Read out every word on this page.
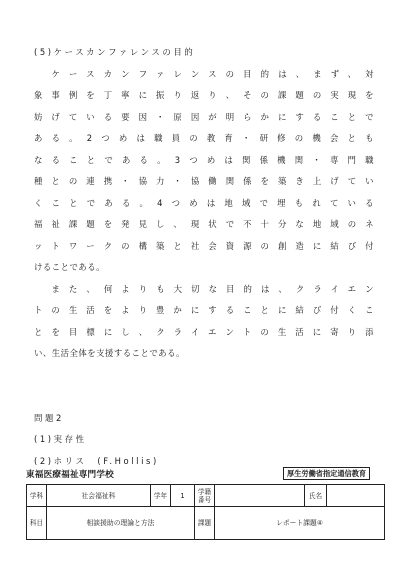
(5)ケースカンファレンスの目的
　ケースカンファレンスの目的は、まず、対
象事例を丁寧に振り返り、その課題の実現を
妨げている要因・原因が明らかにすることで
ある。2つめは職員の教育・研修の機会とも
なることである。3つめは関係機関・専門職
種との連携・協力・協働関係を築き上げてい
くことである。4つめは地域で埋もれている
福祉課題を発見し、現状で不十分な地域のネ
ットワークの構築と社会資源の創造に結び付
けることである。
　また、何よりも大切な目的は、クライエン
トの生活をより豊かにすることに結び付くこ
とを目標にし、クライエントの生活に寄り添
い、生活全体を支援することである。
問題2
(1)実存性
(2)ホリス　(F.Hollis)
東福医療福祉専門学校	厚生労働省指定通信教育
学科	社会福祉科	学年	1	学籍番号		氏名	
科目	相談援助の理論と方法			課題	レポート課題④		
